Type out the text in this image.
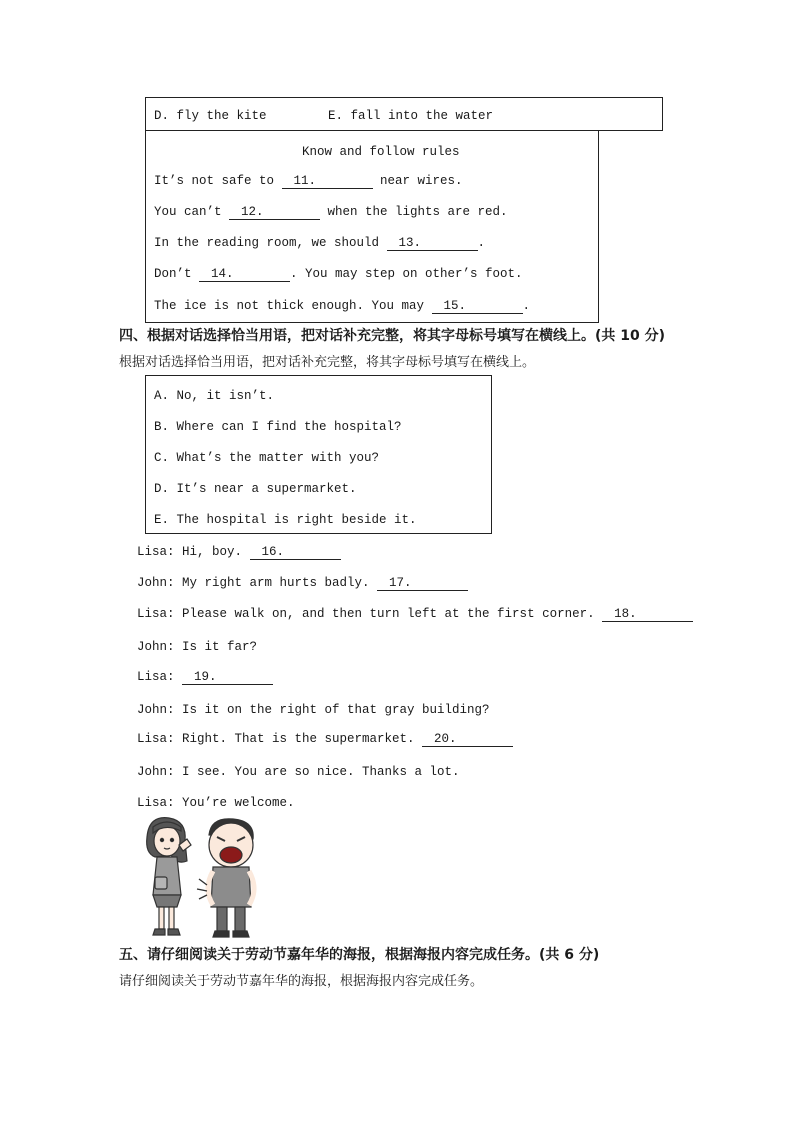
D. fly the kite	E. fall into the water
Know and follow rules
It’s not safe to 11.	near wires.
You can’t 12.	when the lights are red.
In the reading room, we should 13.	.
Don’t 14.	. You may step on other’s foot.
The ice is not thick enough. You may 15.	.
四、根据对话选择恰当用语，把对话补充完整，将其字母标号填写在横线上。(共 10 分)
根据对话选择恰当用语，把对话补充完整，将其字母标号填写在横线上。
A. No, it isn’t.
B. Where can I find the hospital?
C. What’s the matter with you?
D. It’s near a supermarket.
E. The hospital is right beside it.
Lisa: Hi, boy. 16.
John: My right arm hurts badly. 17.
Lisa: Please walk on, and then turn left at the first corner. 18.
John: Is it far?
Lisa: 19.
John: Is it on the right of that gray building?
Lisa: Right. That is the supermarket. 20.
John: I see. You are so nice. Thanks a lot.
Lisa: You’re welcome.
五、请仔细阅读关于劳动节嘉年华的海报，根据海报内容完成任务。(共 6 分)
请仔细阅读关于劳动节嘉年华的海报，根据海报内容完成任务。
